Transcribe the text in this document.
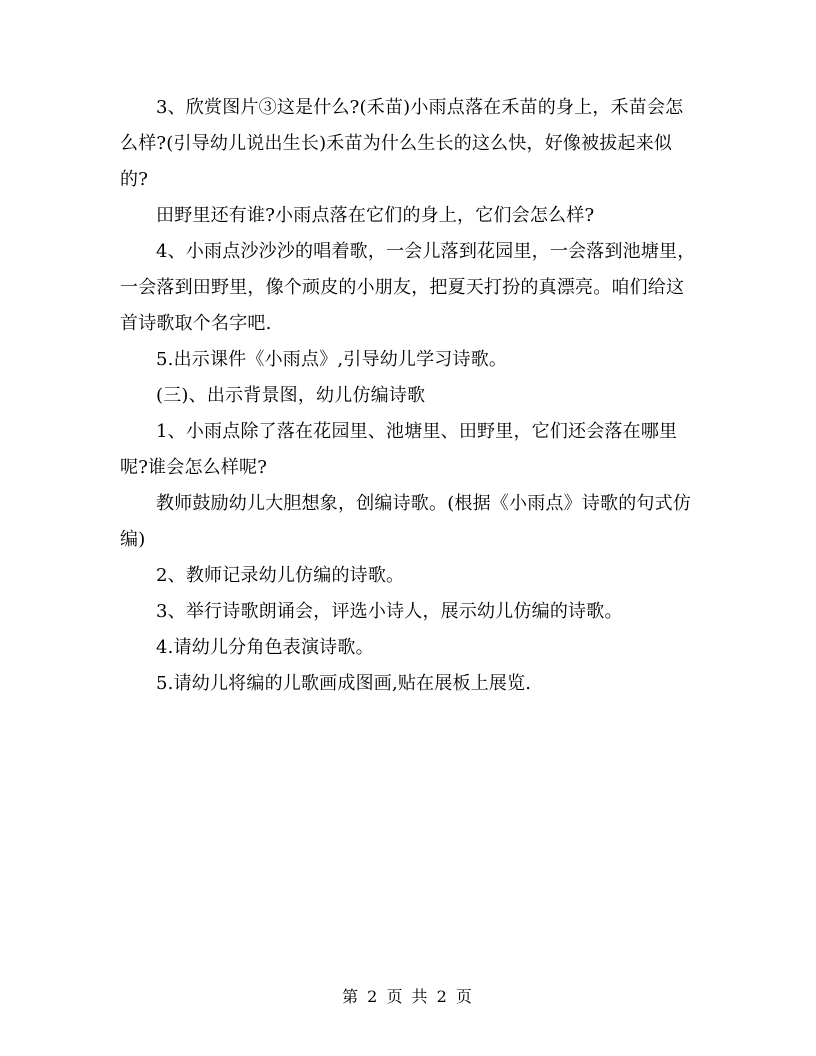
3、欣赏图片③这是什么?(禾苗)小雨点落在禾苗的身上，禾苗会怎么样?(引导幼儿说出生长)禾苗为什么生长的这么快，好像被拔起来似的?

田野里还有谁?小雨点落在它们的身上，它们会怎么样?

4、小雨点沙沙沙的唱着歌，一会儿落到花园里，一会落到池塘里，一会落到田野里，像个顽皮的小朋友，把夏天打扮的真漂亮。咱们给这首诗歌取个名字吧.

5.出示课件《小雨点》,引导幼儿学习诗歌。

(三)、出示背景图，幼儿仿编诗歌

1、小雨点除了落在花园里、池塘里、田野里，它们还会落在哪里呢?谁会怎么样呢?

教师鼓励幼儿大胆想象，创编诗歌。(根据《小雨点》诗歌的句式仿编)

2、教师记录幼儿仿编的诗歌。

3、举行诗歌朗诵会，评选小诗人，展示幼儿仿编的诗歌。

4.请幼儿分角色表演诗歌。

5.请幼儿将编的儿歌画成图画,贴在展板上展览.

第 2 页 共 2 页
